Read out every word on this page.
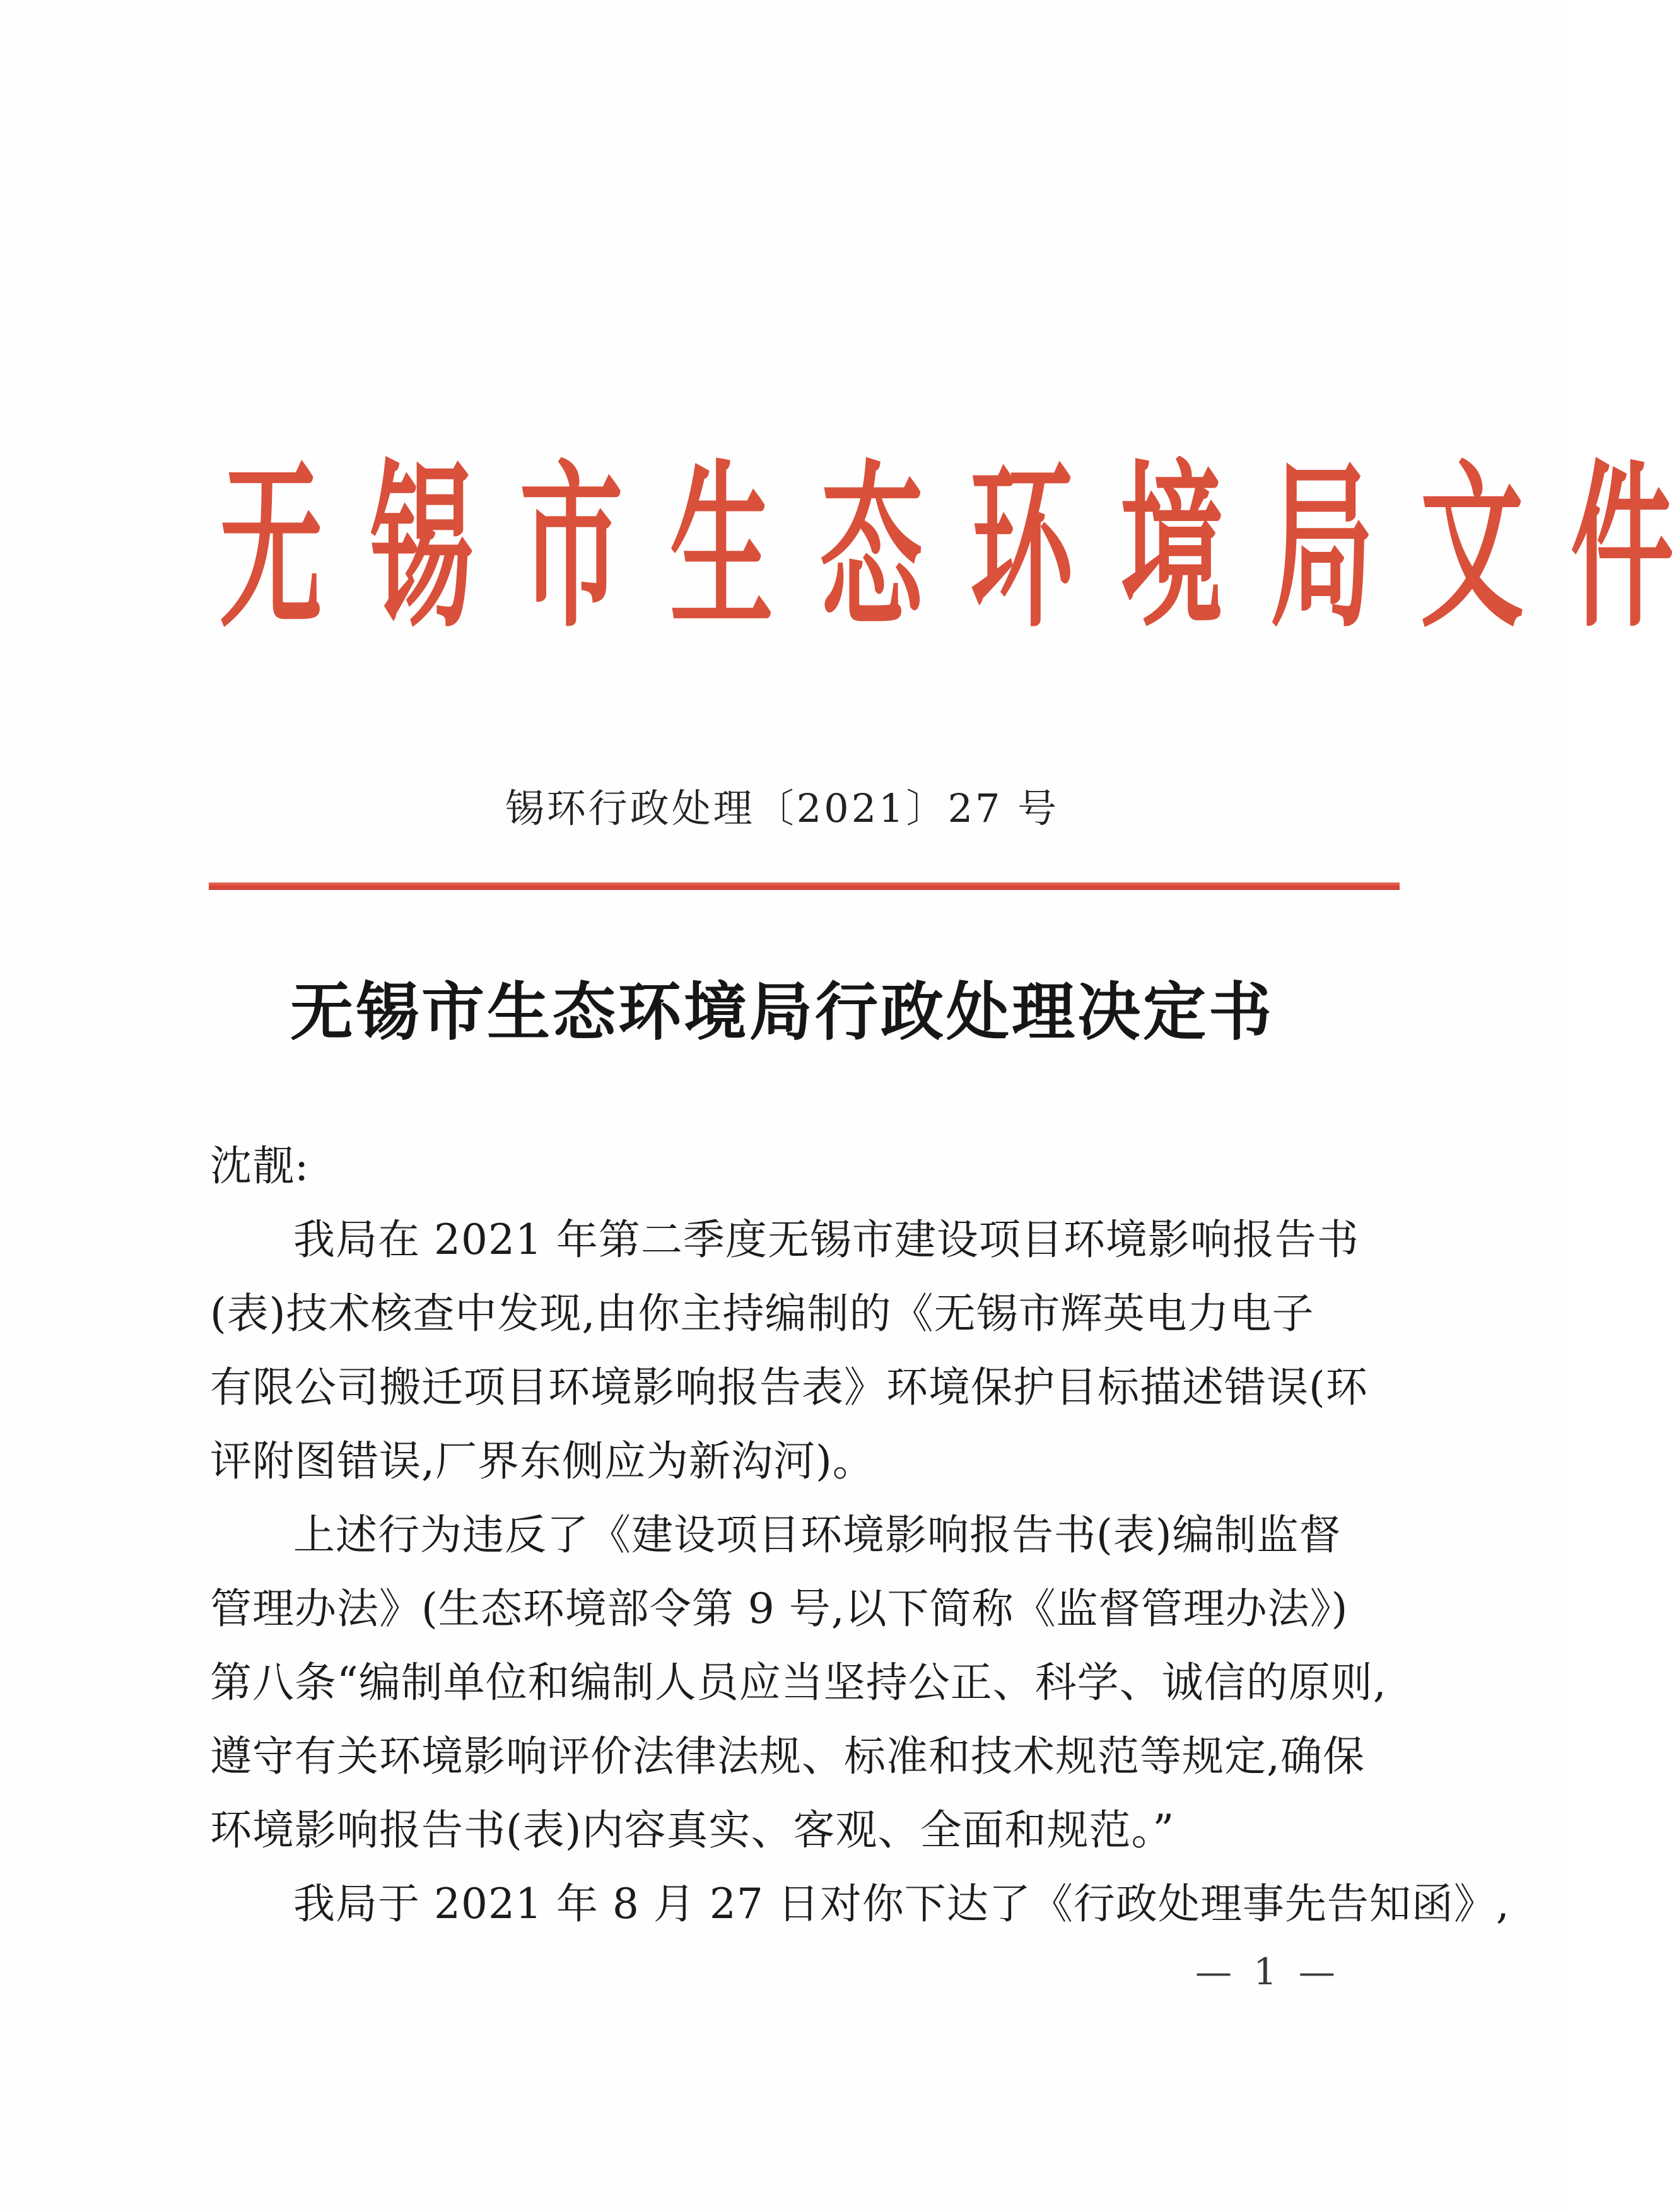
无 锡 市 生 态 环 境 局 文 件
锡环行政处理〔2021〕27 号
无锡市生态环境局行政处理决定书
沈靓:
我局在 2021 年第二季度无锡市建设项目环境影响报告书
(表)技术核查中发现,由你主持编制的《无锡市辉英电力电子
有限公司搬迁项目环境影响报告表》环境保护目标描述错误(环
评附图错误,厂界东侧应为新沟河)。
上述行为违反了《建设项目环境影响报告书(表)编制监督
管理办法》(生态环境部令第 9 号,以下简称《监督管理办法》)
第八条“编制单位和编制人员应当坚持公正、科学、诚信的原则,
遵守有关环境影响评价法律法规、标准和技术规范等规定,确保
环境影响报告书(表)内容真实、客观、全面和规范。”
我局于 2021 年 8 月 27 日对你下达了《行政处理事先告知函》,
— 1 —
